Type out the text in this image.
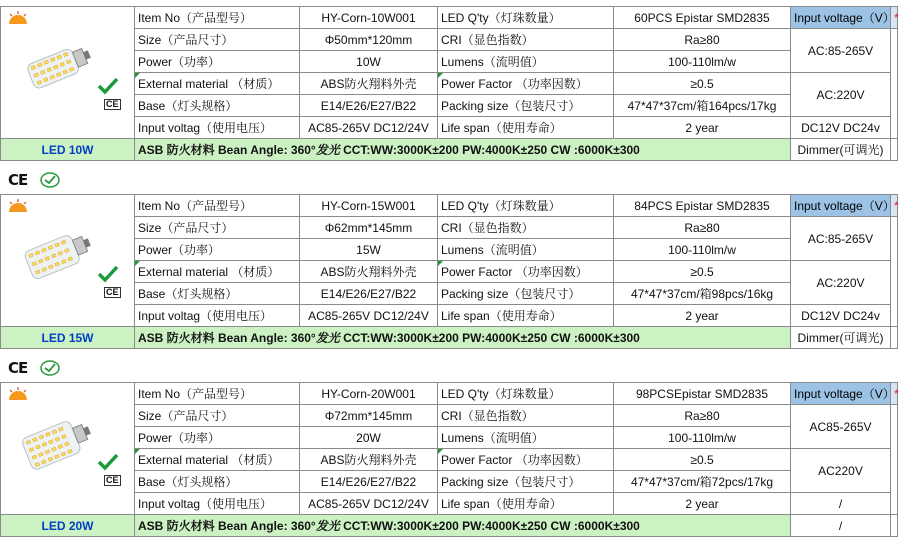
CE	Item No（产品型号）	HY-Corn-10W001	LED Q'ty（灯珠数量）	60PCS Epistar SMD2835	Input voltage（V）	*
	Size（产品尺寸）	Φ50mm*120mm	CRI（显色指数）	Ra≥80	AC:85-265V	
	Power（功率）	10W	Lumens（流明值）	100-110lm/w		
	External material （材质）	ABS防火翔料外壳	Power Factor （功率因数）	≥0.5	AC:220V	
	Base（灯头规格）	E14/E26/E27/B22	Packing size（包装尺寸）	47*47*37cm/箱164pcs/17kg		
	Input voltag（使用电压）	AC85-265V DC12/24V	Life span（使用寿命）	2 year	DC12V DC24v	
LED 10W	ASB 防火材料 Bean Angle: 360°发光 CCT:WW:3000K±200 PW:4000K±250 CW :6000K±300				Dimmer(可调光)	
CE
CE	Item No（产品型号）	HY-Corn-15W001	LED Q'ty（灯珠数量）	84PCS Epistar SMD2835	Input voltage（V）	*
	Size（产品尺寸）	Φ62mm*145mm	CRI（显色指数）	Ra≥80	AC:85-265V	
	Power（功率）	15W	Lumens（流明值）	100-110lm/w		
	External material （材质）	ABS防火翔料外壳	Power Factor （功率因数）	≥0.5	AC:220V	
	Base（灯头规格）	E14/E26/E27/B22	Packing size（包装尺寸）	47*47*37cm/箱98pcs/16kg		
	Input voltag（使用电压）	AC85-265V DC12/24V	Life span（使用寿命）	2 year	DC12V DC24v	
LED 15W	ASB 防火材料 Bean Angle: 360°发光 CCT:WW:3000K±200 PW:4000K±250 CW :6000K±300				Dimmer(可调光)	
CE
CE	Item No（产品型号）	HY-Corn-20W001	LED Q'ty（灯珠数量）	98PCSEpistar SMD2835	Input voltage（V）	*
	Size（产品尺寸）	Φ72mm*145mm	CRI（显色指数）	Ra≥80	AC85-265V	
	Power（功率）	20W	Lumens（流明值）	100-110lm/w		
	External material （材质）	ABS防火翔料外壳	Power Factor （功率因数）	≥0.5	AC220V	
	Base（灯头规格）	E14/E26/E27/B22	Packing size（包装尺寸）	47*47*37cm/箱72pcs/17kg		
	Input voltag（使用电压）	AC85-265V DC12/24V	Life span（使用寿命）	2 year	/	
LED 20W	ASB 防火材料 Bean Angle: 360°发光 CCT:WW:3000K±200 PW:4000K±250 CW :6000K±300				/	
